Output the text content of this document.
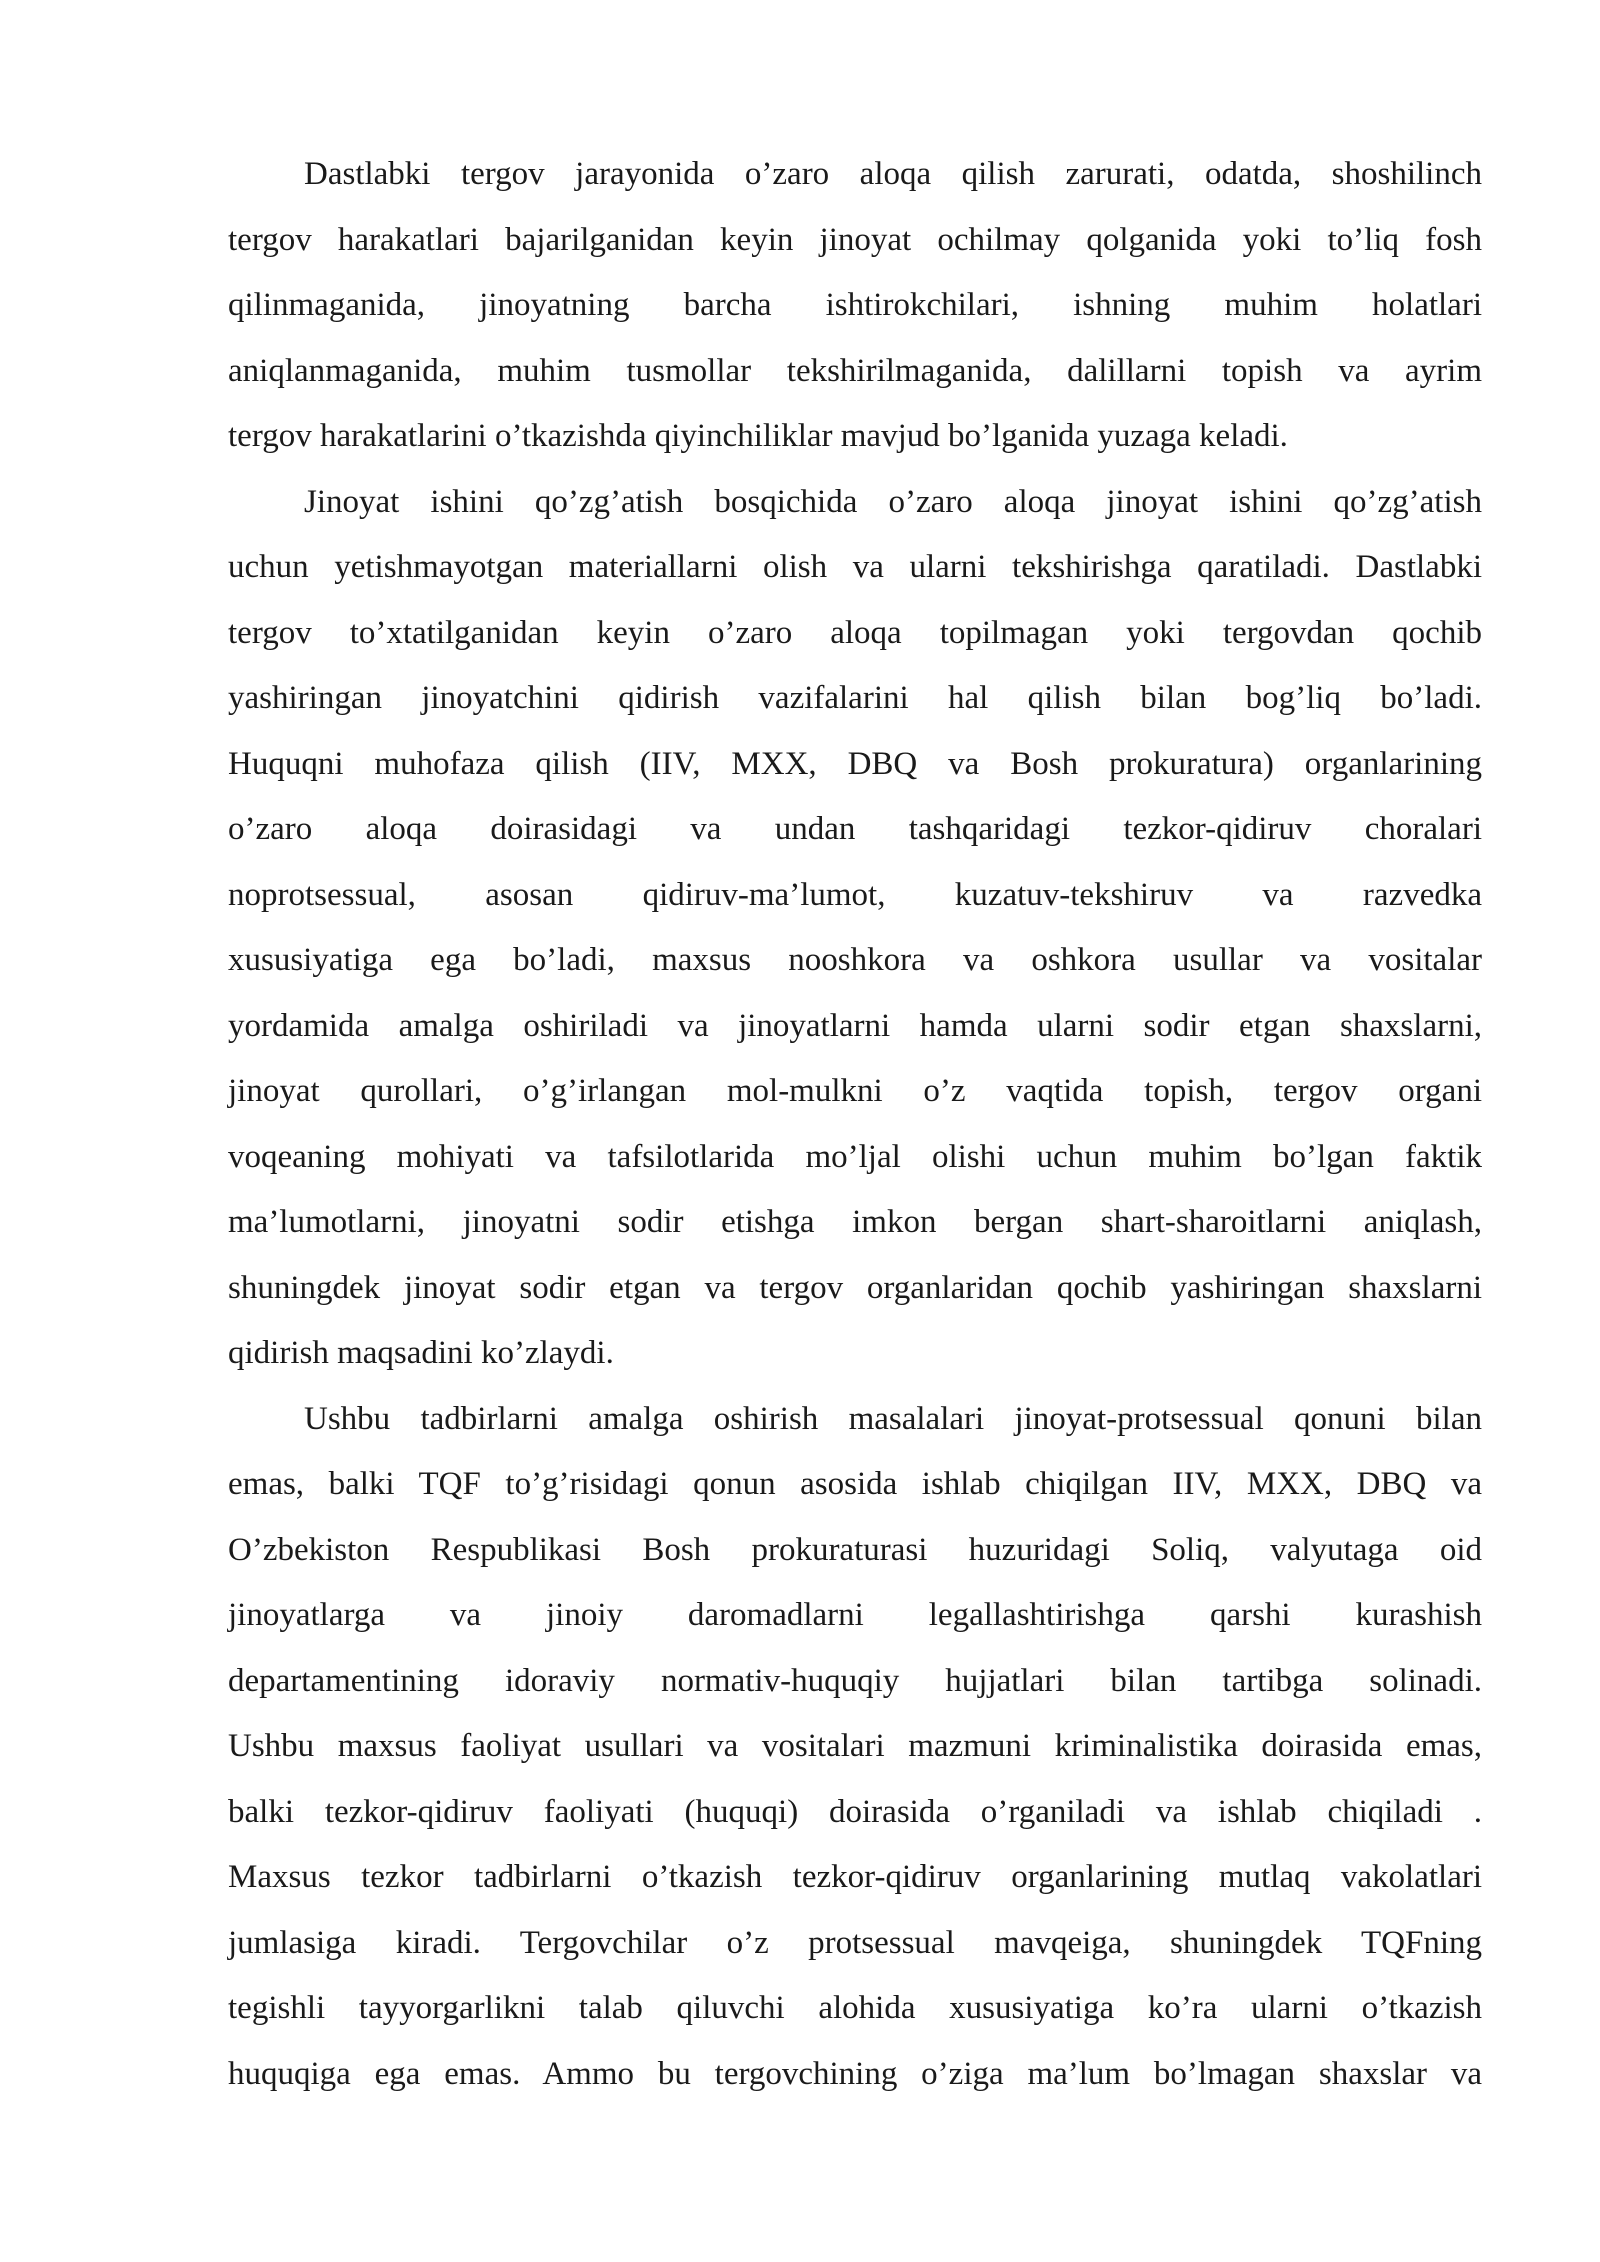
Dastlabki tergov jarayonida o’zaro aloqa qilish zarurati, odatda, shoshilinch
tergov harakatlari bajarilganidan keyin jinoyat ochilmay qolganida yoki to’liq fosh
qilinmaganida, jinoyatning barcha ishtirokchilari, ishning muhim holatlari
aniqlanmaganida, muhim tusmollar tekshirilmaganida, dalillarni topish va ayrim
tergov harakatlarini o’tkazishda qiyinchiliklar mavjud bo’lganida yuzaga keladi.
Jinoyat ishini qo’zg’atish bosqichida o’zaro aloqa jinoyat ishini qo’zg’atish
uchun yetishmayotgan materiallarni olish va ularni tekshirishga qaratiladi. Dastlabki
tergov to’xtatilganidan keyin o’zaro aloqa topilmagan yoki tergovdan qochib
yashiringan jinoyatchini qidirish vazifalarini hal qilish bilan bog’liq bo’ladi.
Huquqni muhofaza qilish (IIV, MXX, DBQ va Bosh prokuratura) organlarining
o’zaro aloqa doirasidagi va undan tashqaridagi tezkor-qidiruv choralari
noprotsessual, asosan qidiruv-ma’lumot, kuzatuv-tekshiruv va razvedka
xususiyatiga ega bo’ladi, maxsus nooshkora va oshkora usullar va vositalar
yordamida amalga oshiriladi va jinoyatlarni hamda ularni sodir etgan shaxslarni,
jinoyat qurollari, o’g’irlangan mol-mulkni o’z vaqtida topish, tergov organi
voqeaning mohiyati va tafsilotlarida mo’ljal olishi uchun muhim bo’lgan faktik
ma’lumotlarni, jinoyatni sodir etishga imkon bergan shart-sharoitlarni aniqlash,
shuningdek jinoyat sodir etgan va tergov organlaridan qochib yashiringan shaxslarni
qidirish maqsadini ko’zlaydi.
Ushbu tadbirlarni amalga oshirish masalalari jinoyat-protsessual qonuni bilan
emas, balki TQF to’g’risidagi qonun asosida ishlab chiqilgan IIV, MXX, DBQ va
O’zbekiston Respublikasi Bosh prokuraturasi huzuridagi Soliq, valyutaga oid
jinoyatlarga va jinoiy daromadlarni legallashtirishga qarshi kurashish
departamentining idoraviy normativ-huquqiy hujjatlari bilan tartibga solinadi.
Ushbu maxsus faoliyat usullari va vositalari mazmuni kriminalistika doirasida emas,
balki tezkor-qidiruv faoliyati (huquqi) doirasida o’rganiladi va ishlab chiqiladi .
Maxsus tezkor tadbirlarni o’tkazish tezkor-qidiruv organlarining mutlaq vakolatlari
jumlasiga kiradi. Tergovchilar o’z protsessual mavqeiga, shuningdek TQFning
tegishli tayyorgarlikni talab qiluvchi alohida xususiyatiga ko’ra ularni o’tkazish
huquqiga ega emas. Ammo bu tergovchining o’ziga ma’lum bo’lmagan shaxslar va
